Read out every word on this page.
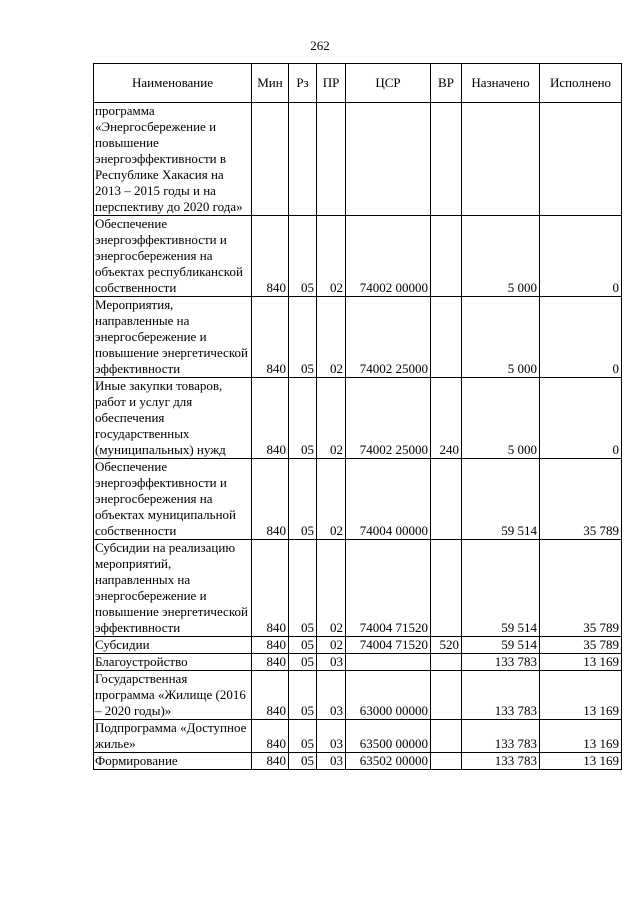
262
Наименование	Мин	Рз	ПР	ЦСР	ВР	Назначено	Исполнено
программа «Энергосбережение и повышение энергоэффективности в Республике Хакасия на 2013 – 2015 годы и на перспективу до 2020 года»							
Обеспечение энергоэффективности и энергосбережения на объектах республиканской собственности	840	05	02	74002 00000		5 000	0
Мероприятия, направленные на энергосбережение и повышение энергетической эффективности	840	05	02	74002 25000		5 000	0
Иные закупки товаров, работ и услуг для обеспечения государственных (муниципальных) нужд	840	05	02	74002 25000	240	5 000	0
Обеспечение энергоэффективности и энергосбережения на объектах муниципальной собственности	840	05	02	74004 00000		59 514	35 789
Субсидии на реализацию мероприятий, направленных на энергосбережение и повышение энергетической эффективности	840	05	02	74004 71520		59 514	35 789
Субсидии	840	05	02	74004 71520	520	59 514	35 789
Благоустройство	840	05	03			133 783	13 169
Государственная программа «Жилище (2016 – 2020 годы)»	840	05	03	63000 00000		133 783	13 169
Подпрограмма «Доступное жилье»	840	05	03	63500 00000		133 783	13 169
Формирование	840	05	03	63502 00000		133 783	13 169
